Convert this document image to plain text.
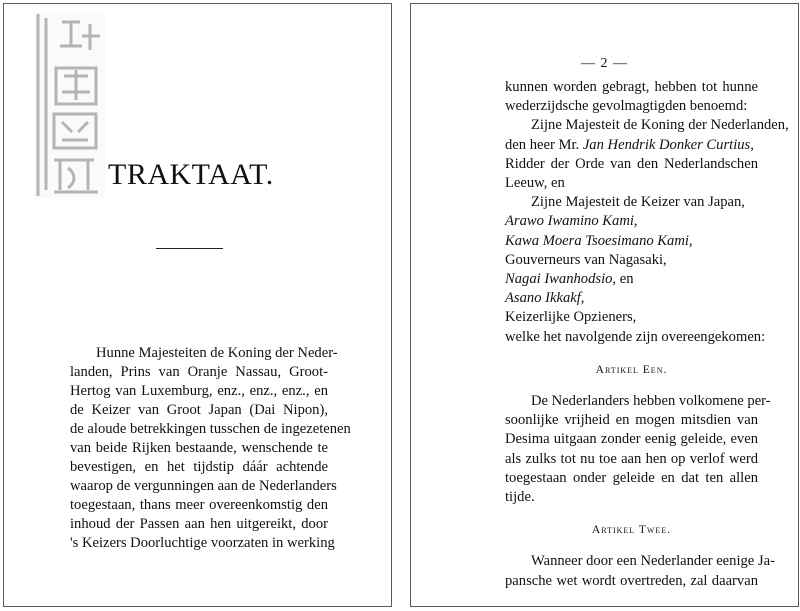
TRAKTAAT.
Hunne Majesteiten de Koning der Neder-
landen, Prins van Oranje Nassau, Groot-
Hertog van Luxemburg, enz., enz., enz., en
de Keizer van Groot Japan (Dai Nipon),
de aloude betrekkingen tusschen de ingezetenen
van beide Rijken bestaande, wenschende te
bevestigen, en het tijdstip dáár achtende
waarop de vergunningen aan de Nederlanders
toegestaan, thans meer overeenkomstig den
inhoud der Passen aan hen uitgereikt, door
's Keizers Doorluchtige voorzaten in werking
— 2 —
kunnen worden gebragt, hebben tot hunne
wederzijdsche gevolmagtigden benoemd:
Zijne Majesteit de Koning der Nederlanden,
den heer Mr. Jan Hendrik Donker Curtius,
Ridder der Orde van den Nederlandschen
Leeuw, en
Zijne Majesteit de Keizer van Japan,
Arawo Iwamino Kami,
Kawa Moera Tsoesimano Kami,
Gouverneurs van Nagasaki,
Nagai Iwanhodsio, en
Asano Ikkakf,
Keizerlijke Opzieners,
welke het navolgende zijn overeengekomen:
Artikel Een.
De Nederlanders hebben volkomene per-
soonlijke vrijheid en mogen mitsdien van
Desima uitgaan zonder eenig geleide, even
als zulks tot nu toe aan hen op verlof werd
toegestaan onder geleide en dat ten allen
tijde.
Artikel Twee.
Wanneer door een Nederlander eenige Ja-
pansche wet wordt overtreden, zal daarvan
